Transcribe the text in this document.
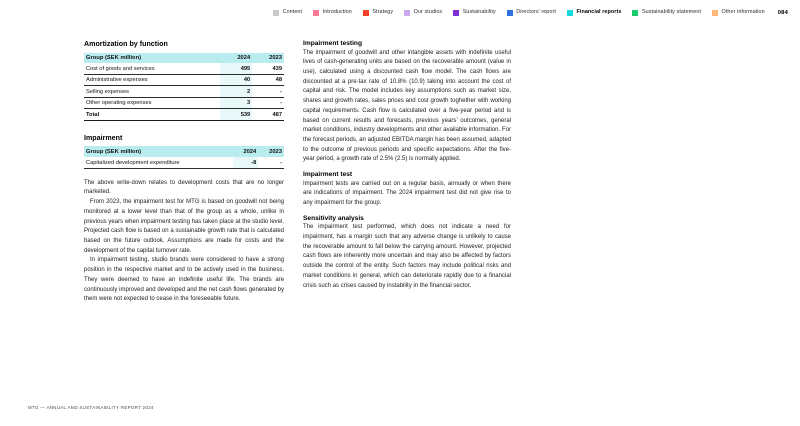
Content	Introduction	Strategy	Our studios	Sustainability	Directors' report	Financial reports	Sustainability statement	Other information 084
Amortization by function
Group (SEK million)	2024	2023
Cost of goods and services	495	439
Administrative expenses	40	48
Selling expenses	2	-
Other operating expenses	3	-
Total	539	487
Impairment
Group (SEK million)	2024	2023
Capitalized development expenditure	-8	-

The above write-down relates to development costs that are no longer marketed.

From 2023, the impairment test for MTG is based on goodwill not being monitored at a lower level than that of the group as a whole, unlike in previous years when impairment testing has taken place at the studio level. Projected cash flow is based on a sustainable growth rate that is calculated based on the future outlook. Assumptions are made for costs and the development of the capital turnover rate.

In impairment testing, studio brands were considered to have a strong position in the respective market and to be actively used in the business. They were deemed to have an indefinite useful life. The brands are continuously improved and developed and the net cash flows generated by them were not expected to cease in the foreseeable future.

Impairment testing

The impairment of goodwill and other intangible assets with indefinite useful lives of cash-generating units are based on the recoverable amount (value in use), calculated using a discounted cash flow model. The cash flows are discounted at a pre-tax rate of 10.8% (10.9) taking into account the cost of capital and risk. The model includes key assumptions such as market size, shares and growth rates, sales prices and cost growth toghether with working capital requirements. Cash flow is calculated over a five-year period and is based on current results and forecasts, previous years’ outcomes, general market conditions, industry developments and other available information. For the forecast periods, an adjusted EBITDA margin has been assumed, adapted to the outcome of previous periods and specific expectations. After the five-year period, a growth rate of 2.5% (2.5) is normally applied.

Impairment test

Impairment tests are carried out on a regular basis, annually or when there are indications of impairment. The 2024 impairment test did not give rise to any impairment for the group.

Sensitivity analysis

The impairment test performed, which does not indicate a need for impairment, has a margin such that any adverse change is unlikely to cause the recoverable amount to fall below the carrying amount. However, projected cash flows are inherently more uncertain and may also be affected by factors outside the control of the entity. Such factors may include political risks and market conditions in general, which can deteriorate rapidly due to a financial crisis such as crises caused by instability in the financial sector.

MTG — ANNUAL AND SUSTAINABILITY REPORT 2024
